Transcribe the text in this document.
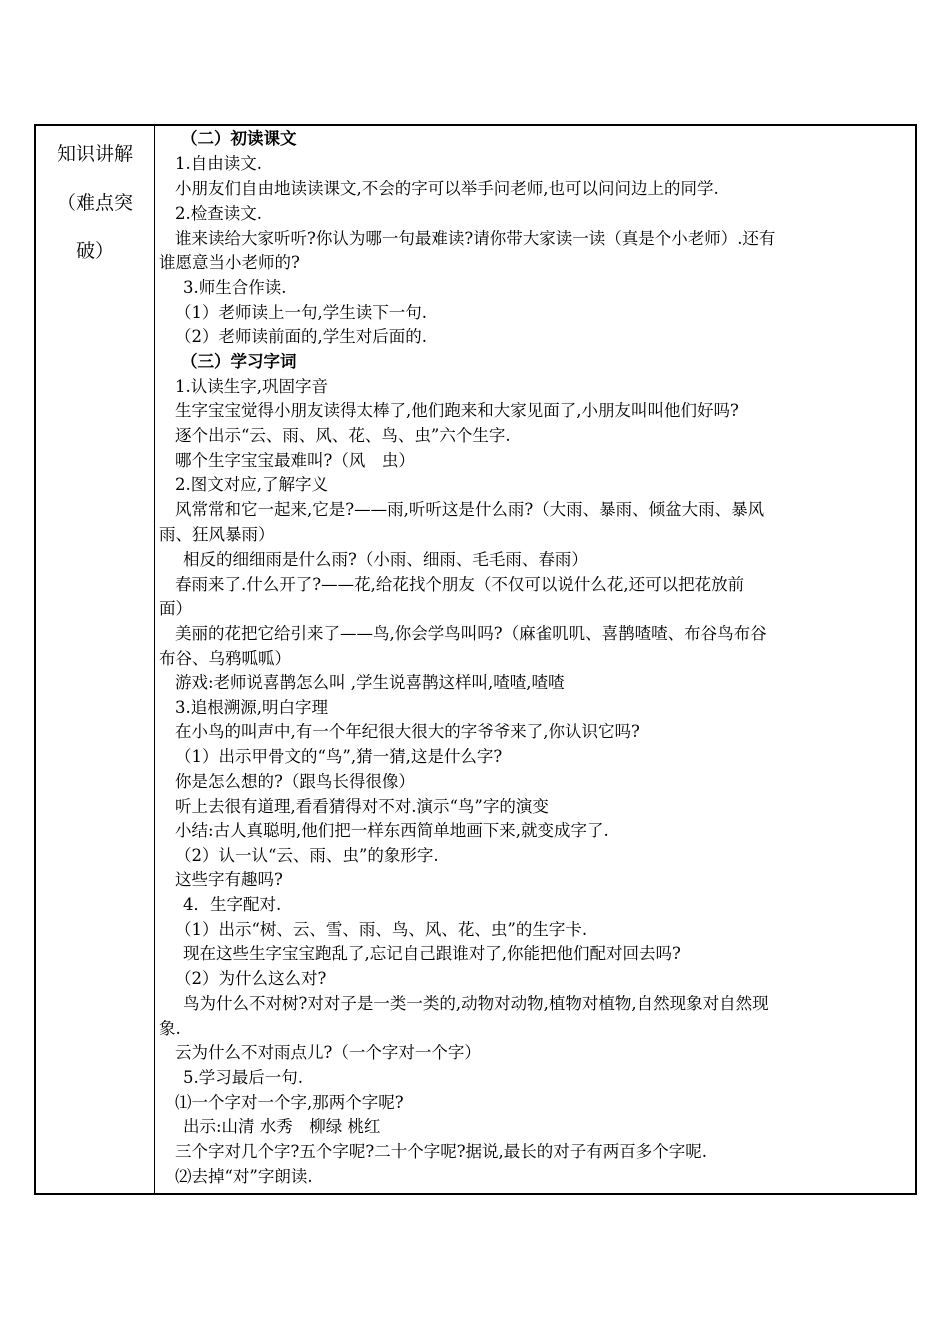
知识讲解
（难点突
破）
（二）初读课文
1.自由读文.
小朋友们自由地读读课文,不会的字可以举手问老师,也可以问问边上的同学.
2.检查读文.
谁来读给大家听听?你认为哪一句最难读?请你带大家读一读（真是个小老师）.还有
谁愿意当小老师的?
3.师生合作读.
（1）老师读上一句,学生读下一句.
（2）老师读前面的,学生对后面的.
（三）学习字词
1.认读生字,巩固字音
生字宝宝觉得小朋友读得太棒了,他们跑来和大家见面了,小朋友叫叫他们好吗?
逐个出示“云、雨、风、花、鸟、虫”六个生字.
哪个生字宝宝最难叫?（风　虫）
2.图文对应,了解字义
风常常和它一起来,它是?——雨,听听这是什么雨?（大雨、暴雨、倾盆大雨、暴风
雨、狂风暴雨）
相反的细细雨是什么雨?（小雨、细雨、毛毛雨、春雨）
春雨来了.什么开了?——花,给花找个朋友（不仅可以说什么花,还可以把花放前
面）
美丽的花把它给引来了——鸟,你会学鸟叫吗?（麻雀叽叽、喜鹊喳喳、布谷鸟布谷
布谷、乌鸦呱呱）
游戏:老师说喜鹊怎么叫 ,学生说喜鹊这样叫,喳喳,喳喳
3.追根溯源,明白字理
在小鸟的叫声中,有一个年纪很大很大的字爷爷来了,你认识它吗?
（1）出示甲骨文的“鸟”,猜一猜,这是什么字?
你是怎么想的?（跟鸟长得很像）
听上去很有道理,看看猜得对不对.演示“鸟”字的演变
小结:古人真聪明,他们把一样东西简单地画下来,就变成字了.
（2）认一认“云、雨、虫”的象形字.
这些字有趣吗?
4．生字配对.
（1）出示“树、云、雪、雨、鸟、风、花、虫”的生字卡.
现在这些生字宝宝跑乱了,忘记自己跟谁对了,你能把他们配对回去吗?
（2）为什么这么对?
鸟为什么不对树?对对子是一类一类的,动物对动物,植物对植物,自然现象对自然现
象.
云为什么不对雨点儿?（一个字对一个字）
5.学习最后一句.
⑴一个字对一个字,那两个字呢?
出示:山清 水秀　柳绿 桃红
三个字对几个字?五个字呢?二十个字呢?据说,最长的对子有两百多个字呢.
⑵去掉“对”字朗读.
